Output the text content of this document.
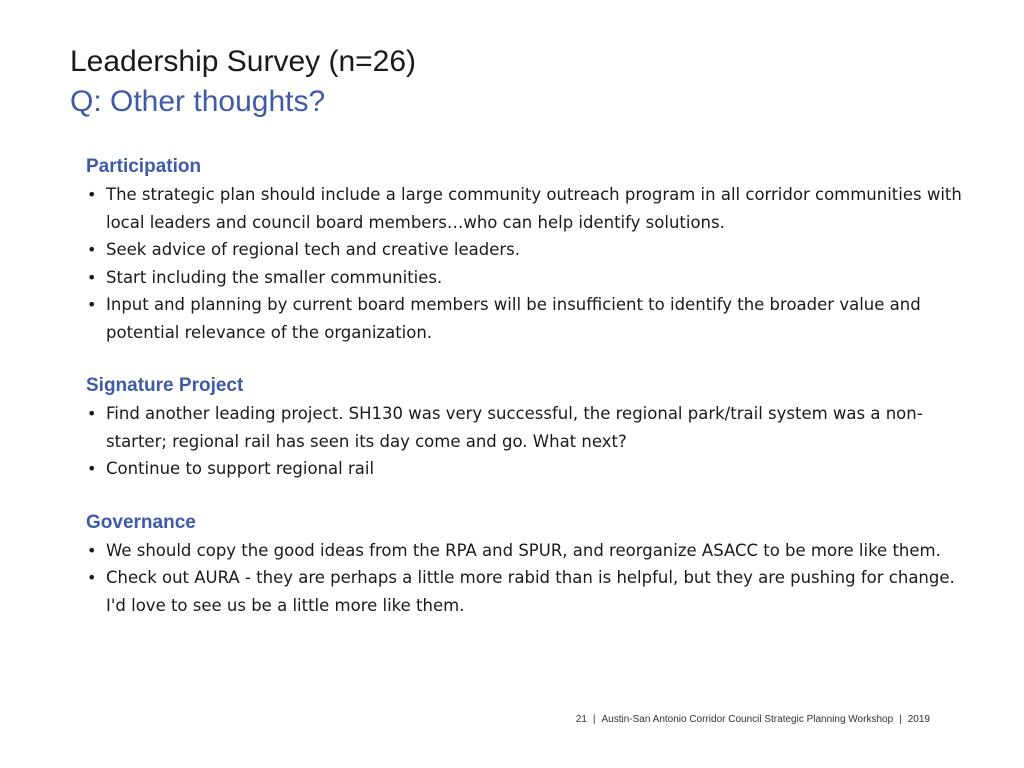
Leadership Survey (n=26)
Q: Other thoughts?
Participation
• The strategic plan should include a large community outreach program in all corridor communities with local leaders and council board members…who can help identify solutions.
• Seek advice of regional tech and creative leaders.
• Start including the smaller communities.
• Input and planning by current board members will be insufficient to identify the broader value and potential relevance of the organization.
Signature Project
• Find another leading project. SH130 was very successful, the regional park/trail system was a non-starter; regional rail has seen its day come and go. What next?
• Continue to support regional rail
Governance
• We should copy the good ideas from the RPA and SPUR, and reorganize ASACC to be more like them.
• Check out AURA - they are perhaps a little more rabid than is helpful, but they are pushing for change. I'd love to see us be a little more like them.
21 | Austin-San Antonio Corridor Council Strategic Planning Workshop | 2019
